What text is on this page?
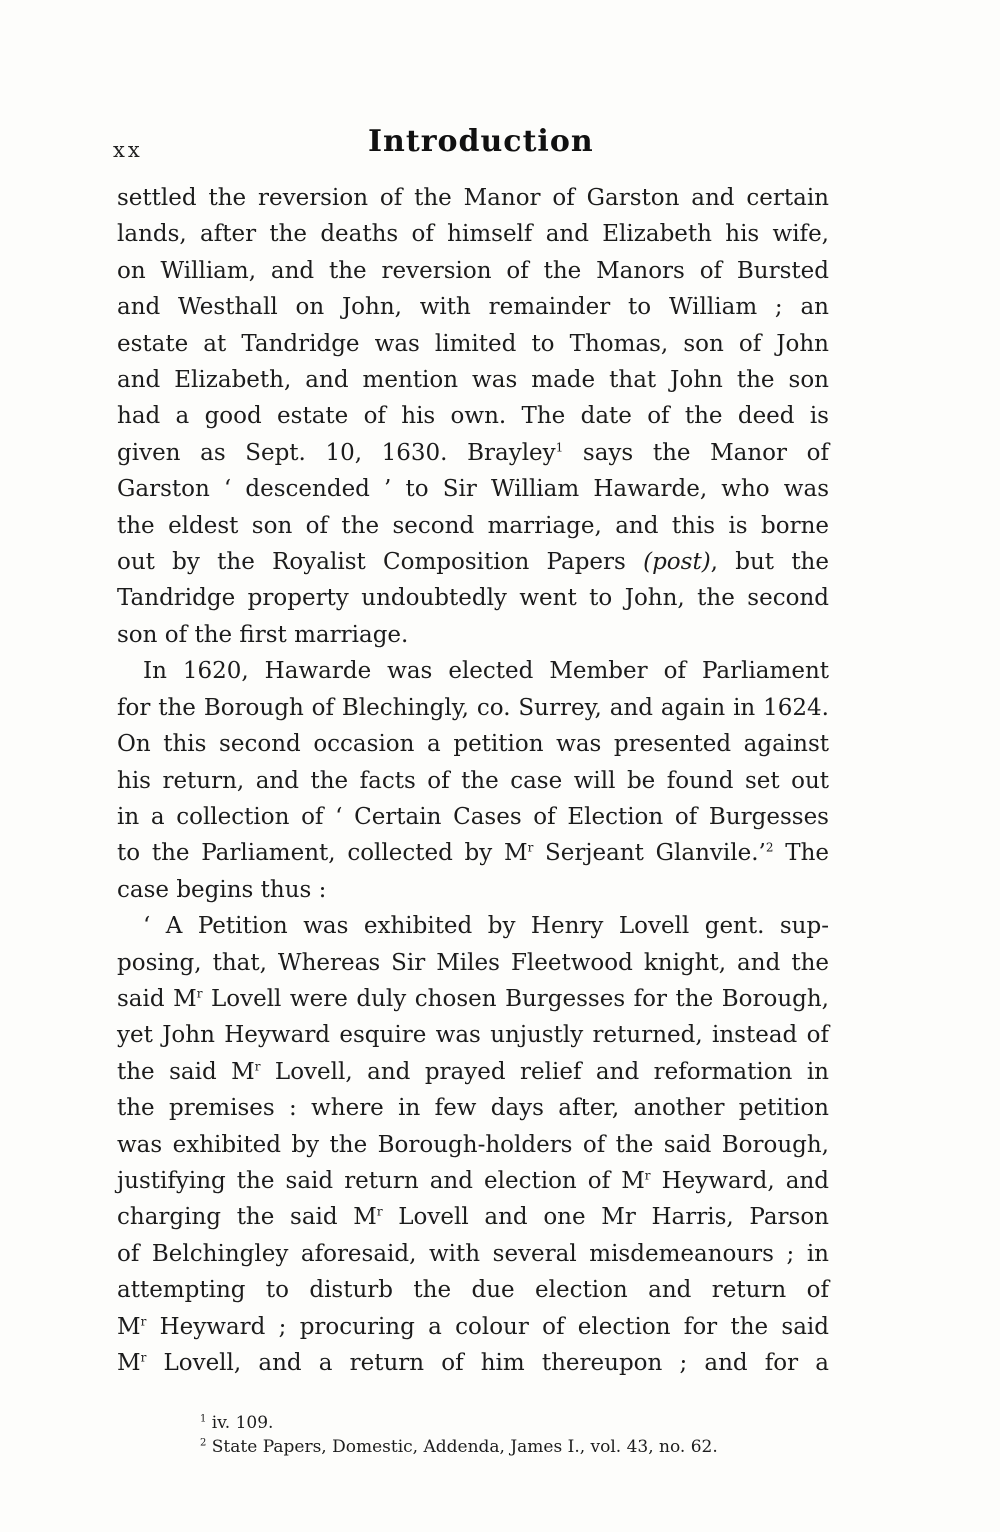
xx	Introduction
settled the reversion of the Manor of Garston and certain
lands, after the deaths of himself and Elizabeth his wife,
on William, and the reversion of the Manors of Bursted
and Westhall on John, with remainder to William ; an
estate at Tandridge was limited to Thomas, son of John
and Elizabeth, and mention was made that John the son
had a good estate of his own. The date of the deed is
given as Sept. 10, 1630. Brayley$^1$ says the Manor of
Garston ‘ descended ’ to Sir William Hawarde, who was
the eldest son of the second marriage, and this is borne
out by the Royalist Composition Papers (post), but the
Tandridge property undoubtedly went to John, the second
son of the first marriage.
In 1620, Hawarde was elected Member of Parliament
for the Borough of Blechingly, co. Surrey, and again in 1624.
On this second occasion a petition was presented against
his return, and the facts of the case will be found set out
in a collection of ‘ Certain Cases of Election of Burgesses
to the Parliament, collected by $M^r$ Serjeant Glanvile.’$^2$ The
case begins thus :
‘ A Petition was exhibited by Henry Lovell gent. sup-
posing, that, Whereas Sir Miles Fleetwood knight, and the
said $M^r$ Lovell were duly chosen Burgesses for the Borough,
yet John Heyward esquire was unjustly returned, instead of
the said $M^r$ Lovell, and prayed relief and reformation in
the premises : where in few days after, another petition
was exhibited by the Borough-holders of the said Borough,
justifying the said return and election of $M^r$ Heyward, and
charging the said $M^r$ Lovell and one Mr Harris, Parson
of Belchingley aforesaid, with several misdemeanours ; in
attempting to disturb the due election and return of
$M^r$ Heyward ; procuring a colour of election for the said
$M^r$ Lovell, and a return of him thereupon ; and for a
$^1$ iv. 109.
$^2$ State Papers, Domestic, Addenda, James I., vol. 43, no. 62.
